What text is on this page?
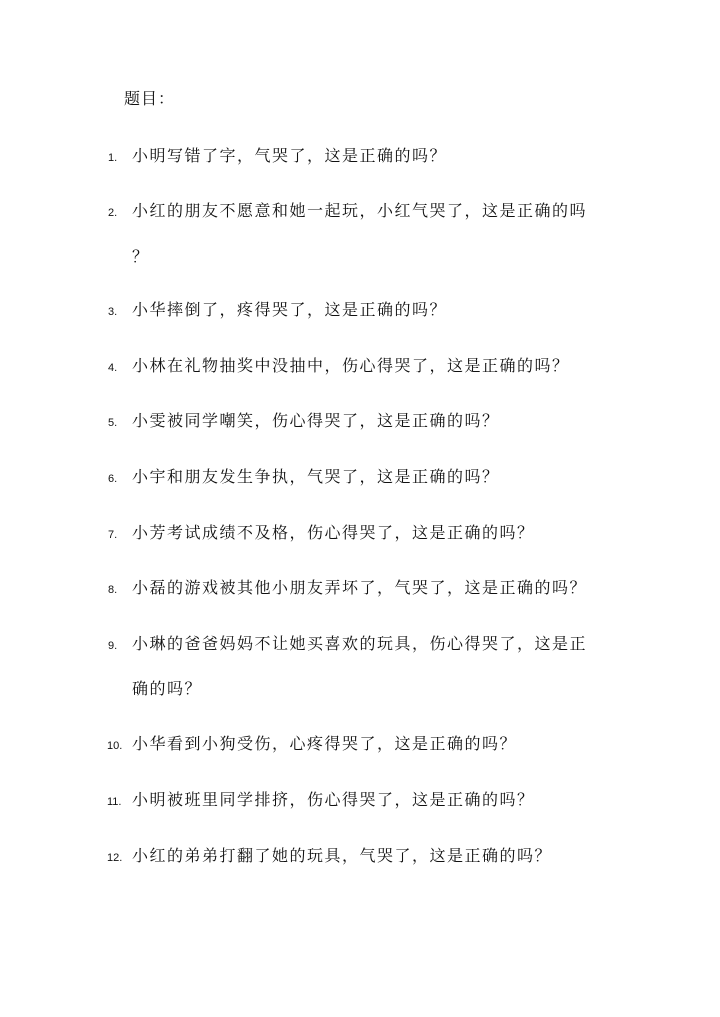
题目：
1. 小明写错了字，气哭了，这是正确的吗？
2. 小红的朋友不愿意和她一起玩，小红气哭了，这是正确的吗
？
3. 小华摔倒了，疼得哭了，这是正确的吗？
4. 小林在礼物抽奖中没抽中，伤心得哭了，这是正确的吗？
5. 小雯被同学嘲笑，伤心得哭了，这是正确的吗？
6. 小宇和朋友发生争执，气哭了，这是正确的吗？
7. 小芳考试成绩不及格，伤心得哭了，这是正确的吗？
8. 小磊的游戏被其他小朋友弄坏了，气哭了，这是正确的吗？
9. 小琳的爸爸妈妈不让她买喜欢的玩具，伤心得哭了，这是正
确的吗？
10. 小华看到小狗受伤，心疼得哭了，这是正确的吗？
11. 小明被班里同学排挤，伤心得哭了，这是正确的吗？
12. 小红的弟弟打翻了她的玩具，气哭了，这是正确的吗？
